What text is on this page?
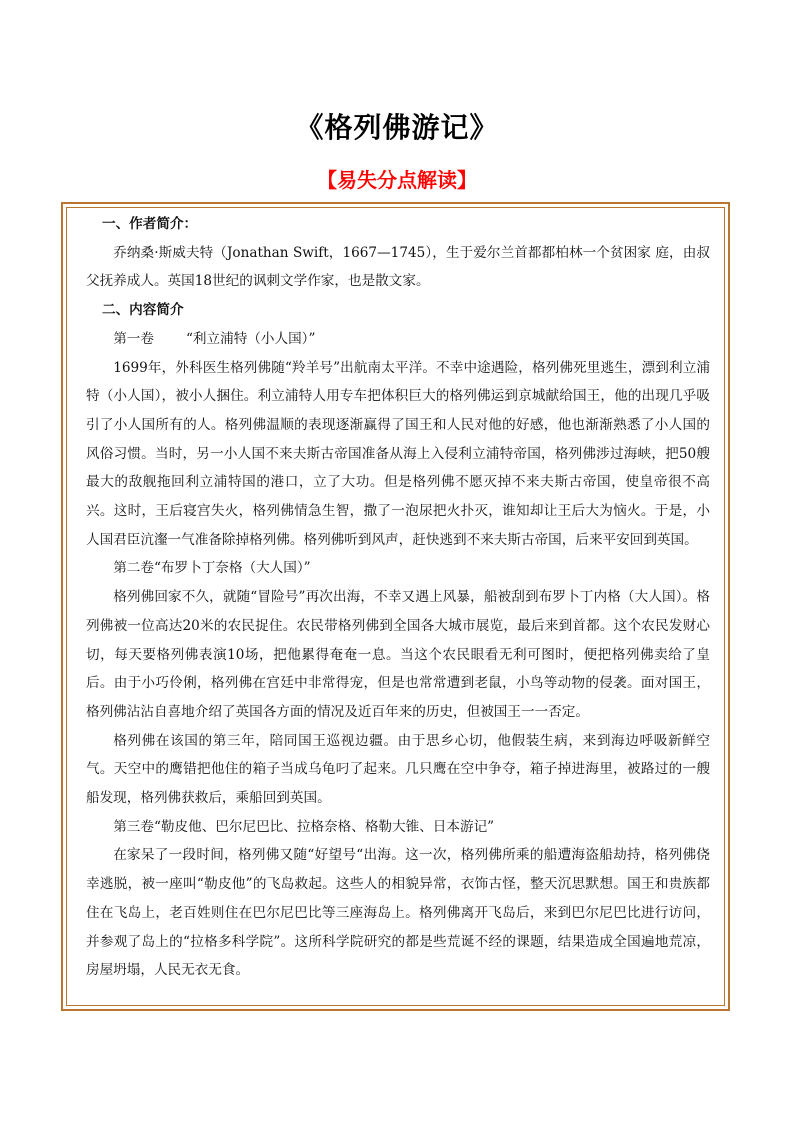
《格列佛游记》
【易失分点解读】

一、作者简介：

乔纳桑·斯威夫特（Jonathan Swift，1667—1745），生于爱尔兰首都都柏林一个贫困家 庭，由叔父抚养成人。英国18世纪的讽刺文学作家，也是散文家。

二、内容简介

第一卷 “利立浦特（小人国）”

1699年，外科医生格列佛随“羚羊号”出航南太平洋。不幸中途遇险，格列佛死里逃生，漂到利立浦特（小人国），被小人捆住。利立浦特人用专车把体积巨大的格列佛运到京城献给国王，他的出现几乎吸引了小人国所有的人。格列佛温顺的表现逐渐赢得了国王和人民对他的好感，他也渐渐熟悉了小人国的风俗习惯。当时，另一小人国不来夫斯古帝国准备从海上入侵利立浦特帝国，格列佛涉过海峡，把50艘最大的敌舰拖回利立浦特国的港口，立了大功。但是格列佛不愿灭掉不来夫斯古帝国，使皇帝很不高兴。这时，王后寝宫失火，格列佛情急生智，撒了一泡尿把火扑灭，谁知却让王后大为恼火。于是，小人国君臣沆瀣一气准备除掉格列佛。格列佛听到风声，赶快逃到不来夫斯古帝国，后来平安回到英国。

第二卷“布罗卜丁奈格（大人国）”

格列佛回家不久，就随“冒险号”再次出海，不幸又遇上风暴，船被刮到布罗卜丁内格（大人国）。格列佛被一位高达20米的农民捉住。农民带格列佛到全国各大城市展览，最后来到首都。这个农民发财心切，每天要格列佛表演10场，把他累得奄奄一息。当这个农民眼看无利可图时，便把格列佛卖给了皇后。由于小巧伶俐，格列佛在宫廷中非常得宠，但是也常常遭到老鼠，小鸟等动物的侵袭。面对国王，格列佛沾沾自喜地介绍了英国各方面的情况及近百年来的历史，但被国王一一否定。

格列佛在该国的第三年，陪同国王巡视边疆。由于思乡心切，他假装生病，来到海边呼吸新鲜空气。天空中的鹰错把他住的箱子当成乌龟叼了起来。几只鹰在空中争夺，箱子掉进海里，被路过的一艘船发现，格列佛获救后，乘船回到英国。

第三卷“勒皮他、巴尔尼巴比、拉格奈格、格勒大锥、日本游记”

在家呆了一段时间，格列佛又随“好望号“出海。这一次，格列佛所乘的船遭海盗船劫持，格列佛侥幸逃脱，被一座叫“勒皮他”的飞岛救起。这些人的相貌异常，衣饰古怪，整天沉思默想。国王和贵族都住在飞岛上，老百姓则住在巴尔尼巴比等三座海岛上。格列佛离开飞岛后，来到巴尔尼巴比进行访问，并参观了岛上的“拉格多科学院”。这所科学院研究的都是些荒诞不经的课题，结果造成全国遍地荒凉，房屋坍塌，人民无衣无食。
